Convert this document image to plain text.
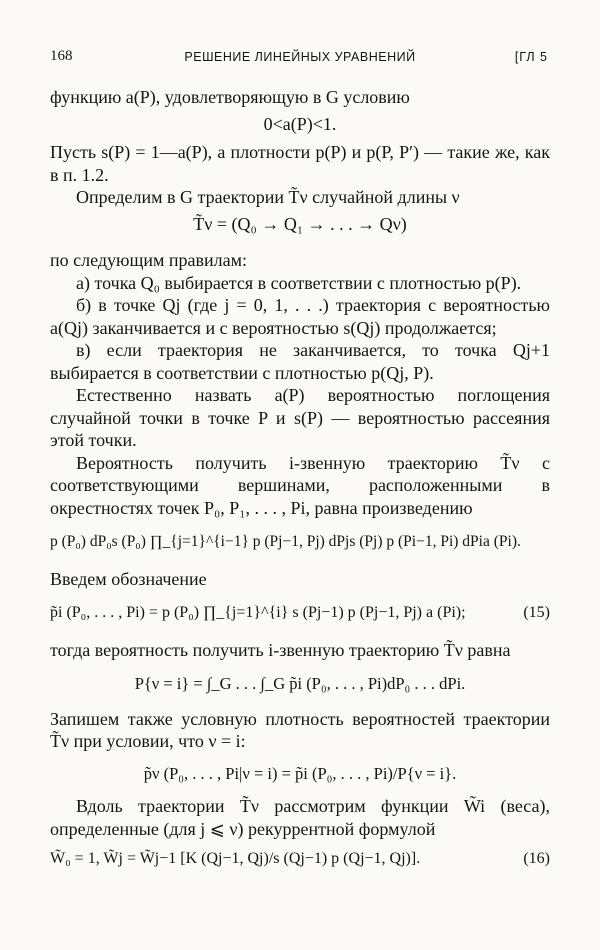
168	РЕШЕНИЕ ЛИНЕЙНЫХ УРАВНЕНИЙ	[ГЛ 5

функцию a(P), удовлетворяющую в G условию

0<a(P)<1.

Пусть s(P) = 1—a(P), а плотности p(P) и p(P, P′) — такие же, как в п. 1.2.

Определим в G траектории T̃ν случайной длины ν

T̃ν = (Q₀ → Q₁ → . . . → Qν)

по следующим правилам:

а) точка Q₀ выбирается в соответствии с плотностью p(P).

б) в точке Qj (где j = 0, 1, . . .) траектория с вероятностью a(Qj) заканчивается и с вероятностью s(Qj) продолжается;

в) если траектория не заканчивается, то точка Qj+1 выбирается в соответствии с плотностью p(Qj, P).

Естественно назвать a(P) вероятностью поглощения случайной точки в точке P и s(P) — вероятностью рассеяния этой точки.

Вероятность получить i-звенную траекторию T̃ν с соответствующими вершинами, расположенными в окрестностях точек P₀, P₁, . . . , Pi, равна произведению

p (P₀) dP₀s (P₀) ∏_{j=1}^{i−1} p (Pj−1, Pj) dPjs (Pj) p (Pi−1, Pi) dPia (Pi).

Введем обозначение

p̃i (P₀, . . . , Pi) = p (P₀) ∏_{j=1}^{i} s (Pj−1) p (Pj−1, Pj) a (Pi);	(15)

тогда вероятность получить i-звенную траекторию T̃ν равна

P{ν = i} = ∫_G . . . ∫_G p̃i (P₀, . . . , Pi)dP₀ . . . dPi.

Запишем также условную плотность вероятностей траектории T̃ν при условии, что ν = i:

p̃ν (P₀, . . . , Pi|ν = i) = p̃i (P₀, . . . , Pi)/P{ν = i}.

Вдоль траектории T̃ν рассмотрим функции W̃i (веса), определенные (для j ⩽ ν) рекуррентной формулой

W̃₀ = 1, W̃j = W̃j−1 [K (Qj−1, Qj)/s (Qj−1) p (Qj−1, Qj)].	(16)
